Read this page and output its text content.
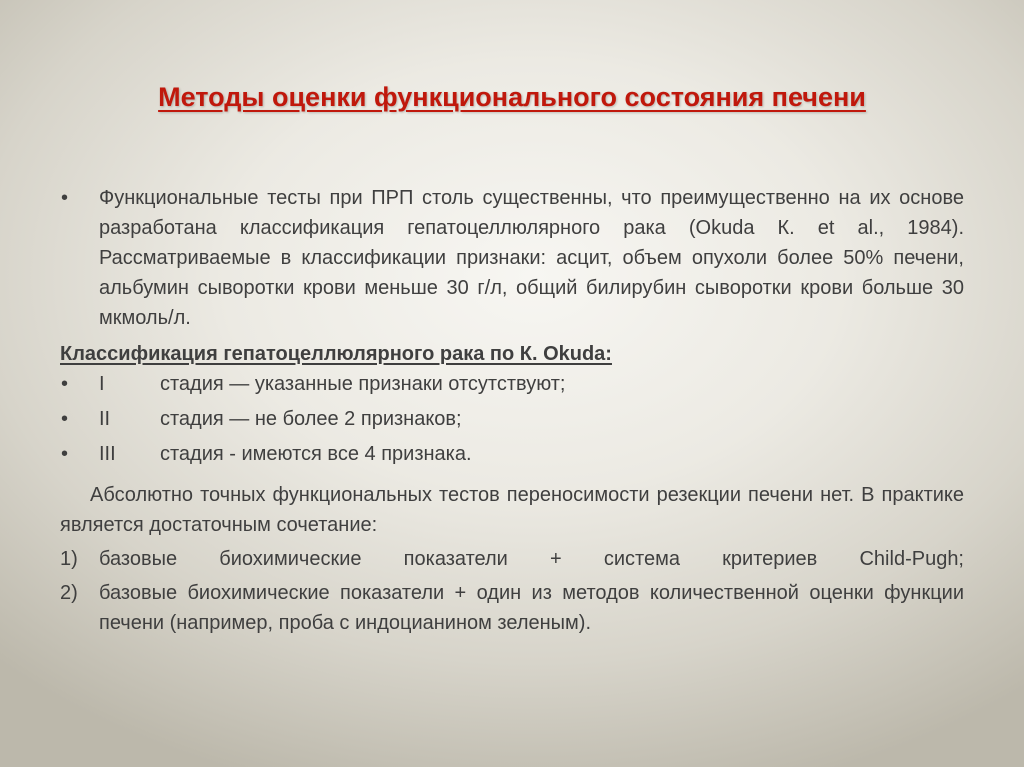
Методы оценки функционального состояния печени
• Функциональные тесты при ПРП столь существенны, что преимущественно на их основе разработана классификация гепатоцеллюлярного рака (Okuda К. et al., 1984). Рассматриваемые в классификации признаки: асцит, объем опухоли более 50% печени, альбумин сыворотки крови меньше 30 г/л, общий билирубин сыворотки крови больше 30 мкмоль/л.
Классификация гепатоцеллюлярного рака по К. Okuda:
• I	стадия — указанные признаки отсутствуют;
• II стадия — не более 2 признаков;
• III стадия - имеются все 4 признака.
Абсолютно точных функциональных тестов переносимости резекции печени нет. В практике является достаточным сочетание:
1) базовые биохимические показатели + система критериев Child-Pugh;
2) базовые биохимические показатели + один из методов количественной оценки функции печени (например, проба с индоцианином зеленым).
